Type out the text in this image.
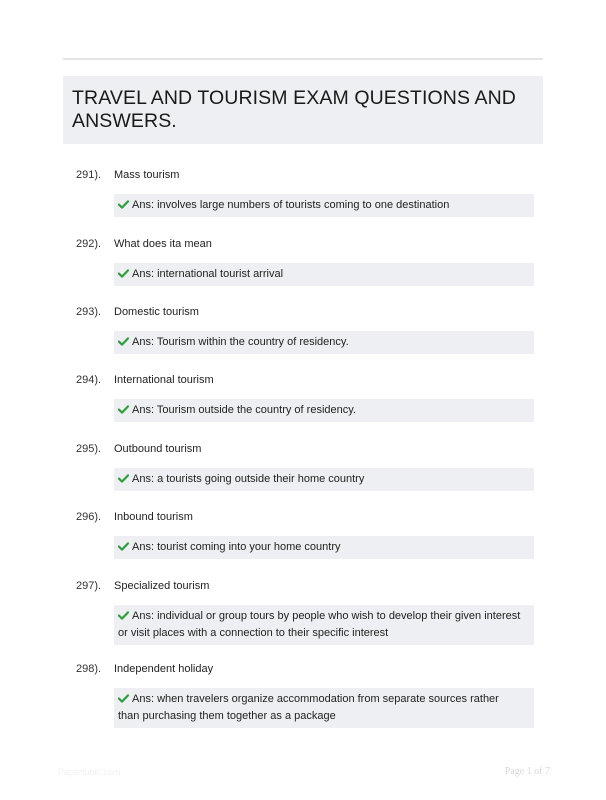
TRAVEL AND TOURISM EXAM QUESTIONS AND ANSWERS.
291). Mass tourism
Ans: involves large numbers of tourists coming to one destination
292). What does ita mean
Ans: international tourist arrival
293). Domestic tourism
Ans: Tourism within the country of residency.
294). International tourism
Ans: Tourism outside the country of residency.
295). Outbound tourism
Ans: a tourists going outside their home country
296). Inbound tourism
Ans: tourist coming into your home country
297). Specialized tourism
Ans: individual or group tours by people who wish to develop their given interest or visit places with a connection to their specific interest
298). Independent holiday
Ans: when travelers organize accommodation from separate sources rather than purchasing them together as a package
Papertubic.com	Page 1 of 7
